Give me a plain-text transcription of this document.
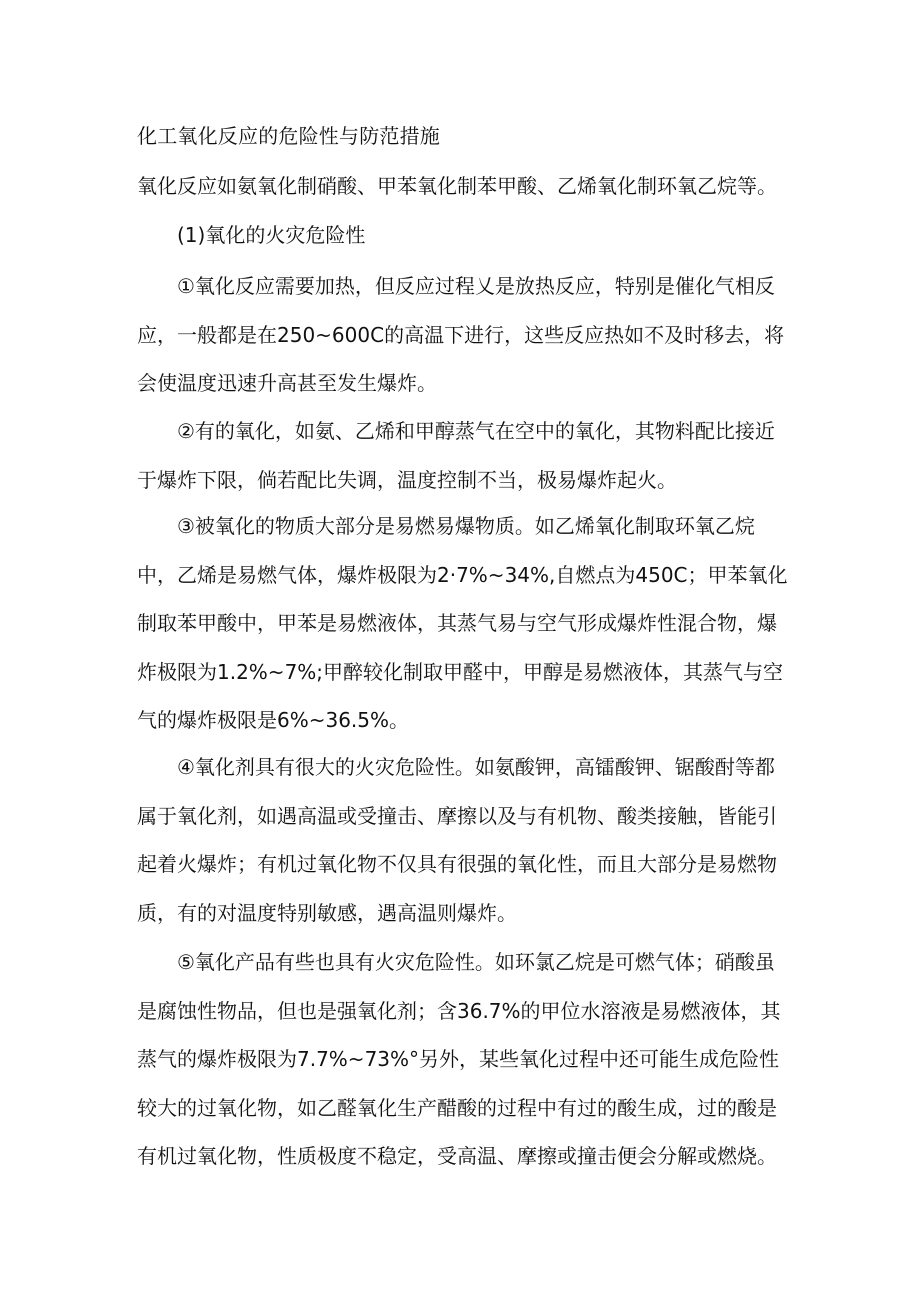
化工氧化反应的危险性与防范措施
氧化反应如氨氧化制硝酸、甲苯氧化制苯甲酸、乙烯氧化制环氧乙烷等。
(1)氧化的火灾危险性

①氧化反应需要加热，但反应过程乂是放热反应，特别是催化气相反应，一般都是在250~600C的高温下进行，这些反应热如不及时移去，将会使温度迅速升高甚至发生爆炸。

②有的氧化，如氨、乙烯和甲醇蒸气在空中的氧化，其物料配比接近于爆炸下限，倘若配比失调，温度控制不当，极易爆炸起火。

③被氧化的物质大部分是易燃易爆物质。如乙烯氧化制取环氧乙烷中，乙烯是易燃气体，爆炸极限为2·7%~34%,自燃点为450C；甲苯氧化制取苯甲酸中，甲苯是易燃液体，其蒸气易与空气形成爆炸性混合物，爆炸极限为1.2%~7%;甲醉较化制取甲醛中，甲醇是易燃液体，其蒸气与空气的爆炸极限是6%~36.5%。

④氧化剂具有很大的火灾危险性。如氨酸钾，高镭酸钾、锯酸酎等都属于氧化剂，如遇高温或受撞击、摩擦以及与有机物、酸类接触，皆能引起着火爆炸；有机过氧化物不仅具有很强的氧化性，而且大部分是易燃物质，有的对温度特别敏感，遇高温则爆炸。

⑤氧化产品有些也具有火灾危险性。如环氯乙烷是可燃气体；硝酸虽是腐蚀性物品，但也是强氧化剂；含36.7%的甲位水溶液是易燃液体，其蒸气的爆炸极限为7.7%~73%°另外，某些氧化过程中还可能生成危险性较大的过氧化物，如乙醛氧化生产醋酸的过程中有过的酸生成，过的酸是有机过氧化物，性质极度不稳定，受高温、摩擦或撞击便会分解或燃烧。
